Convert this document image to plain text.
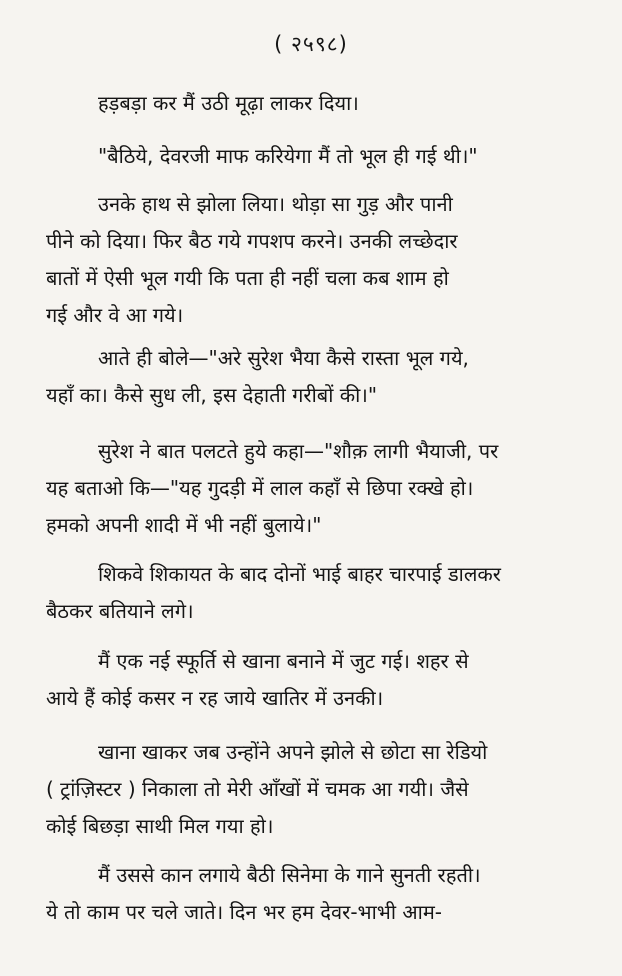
( २५९८)
हड़बड़ा कर मैं उठी मूढ़ा लाकर दिया।
"बैठिये, देवरजी माफ करियेगा मैं तो भूल ही गई थी।"
उनके हाथ से झोला लिया। थोड़ा सा गुड़ और पानी
पीने को दिया। फिर बैठ गये गपशप करने। उनकी लच्छेदार
बातों में ऐसी भूल गयी कि पता ही नहीं चला कब शाम हो
गई और वे आ गये।
आते ही बोले—"अरे सुरेश भैया कैसे रास्ता भूल गये,
यहाँ का। कैसे सुध ली, इस देहाती गरीबों की।"
सुरेश ने बात पलटते हुये कहा—"शौक़ लागी भैयाजी, पर
यह बताओ कि—"यह गुदड़ी में लाल कहाँ से छिपा रक्खे हो।
हमको अपनी शादी में भी नहीं बुलाये।"
शिकवे शिकायत के बाद दोनों भाई बाहर चारपाई डालकर
बैठकर बतियाने लगे।
मैं एक नई स्फूर्ति से खाना बनाने में जुट गई। शहर से
आये हैं कोई कसर न रह जाये खातिर में उनकी।
खाना खाकर जब उन्होंने अपने झोले से छोटा सा रेडियो
( ट्रांज़िस्टर ) निकाला तो मेरी आँखों में चमक आ गयी। जैसे
कोई बिछड़ा साथी मिल गया हो।
मैं उससे कान लगाये बैठी सिनेमा के गाने सुनती रहती।
ये तो काम पर चले जाते। दिन भर हम देवर-भाभी आम-
